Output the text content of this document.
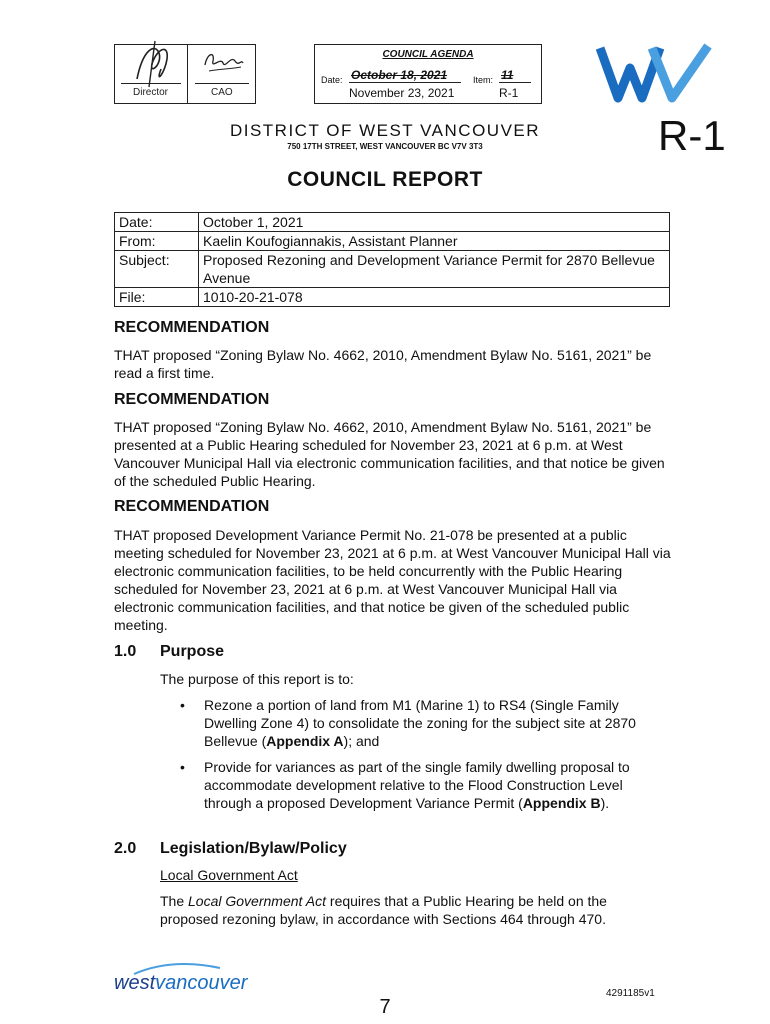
Director	CAO
COUNCIL AGENDA
Date: October 18, 2021
November 23, 2021
Item: 11
R-1
DISTRICT OF WEST VANCOUVER
750 17TH STREET, WEST VANCOUVER BC V7V 3T3	R-1
COUNCIL REPORT
Date:	October 1, 2021
From:	Kaelin Koufogiannakis, Assistant Planner
Subject:	Proposed Rezoning and Development Variance Permit for 2870 Bellevue Avenue
File:	1010-20-21-078
RECOMMENDATION

THAT proposed “Zoning Bylaw No. 4662, 2010, Amendment Bylaw No. 5161, 2021” be read a first time.

RECOMMENDATION

THAT proposed “Zoning Bylaw No. 4662, 2010, Amendment Bylaw No. 5161, 2021” be presented at a Public Hearing scheduled for November 23, 2021 at 6 p.m. at West Vancouver Municipal Hall via electronic communication facilities, and that notice be given of the scheduled Public Hearing.

RECOMMENDATION

THAT proposed Development Variance Permit No. 21-078 be presented at a public meeting scheduled for November 23, 2021 at 6 p.m. at West Vancouver Municipal Hall via electronic communication facilities, to be held concurrently with the Public Hearing scheduled for November 23, 2021 at 6 p.m. at West Vancouver Municipal Hall via electronic communication facilities, and that notice be given of the scheduled public meeting.

1.0 Purpose

The purpose of this report is to:

• Rezone a portion of land from M1 (Marine 1) to RS4 (Single Family Dwelling Zone 4) to consolidate the zoning for the subject site at 2870 Bellevue (Appendix A); and
• Provide for variances as part of the single family dwelling proposal to accommodate development relative to the Flood Construction Level through a proposed Development Variance Permit (Appendix B).
2.0 Legislation/Bylaw/Policy

Local Government Act

The Local Government Act requires that a Public Hearing be held on the proposed rezoning bylaw, in accordance with Sections 464 through 470.

westvancouver	4291185v1
7
